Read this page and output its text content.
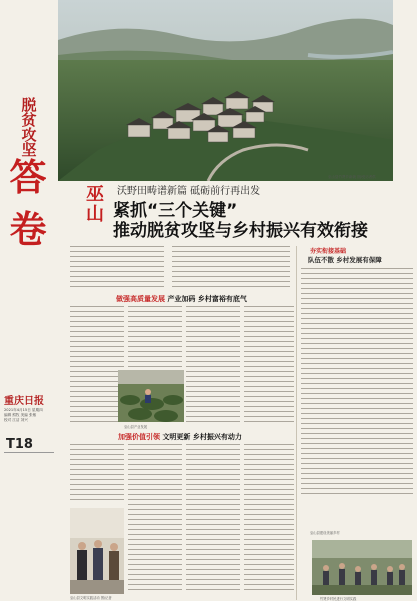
脱贫攻坚
答
卷
重庆日报
2021年4月15日 星期四
编辑 熊牧 美编 张敏
校对 江洁 刘兴
T18
巫山县竹贤乡新貌 图/受访者供
沃野田畴谱新篇 砥砺前行再出发
巫山 紧抓“三个关键”
推动脱贫攻坚与乡村振兴有效衔接
夯实衔接基础
队伍不散 乡村发展有保障
做强高质量发展 产业加码 乡村富裕有底气
巫山县产业发展
加强价值引领 文明更新 乡村振兴有动力
巫山县文明实践活动 图/记者	竹贤乡村民进行文明实践
巫山县建设美丽乡村
